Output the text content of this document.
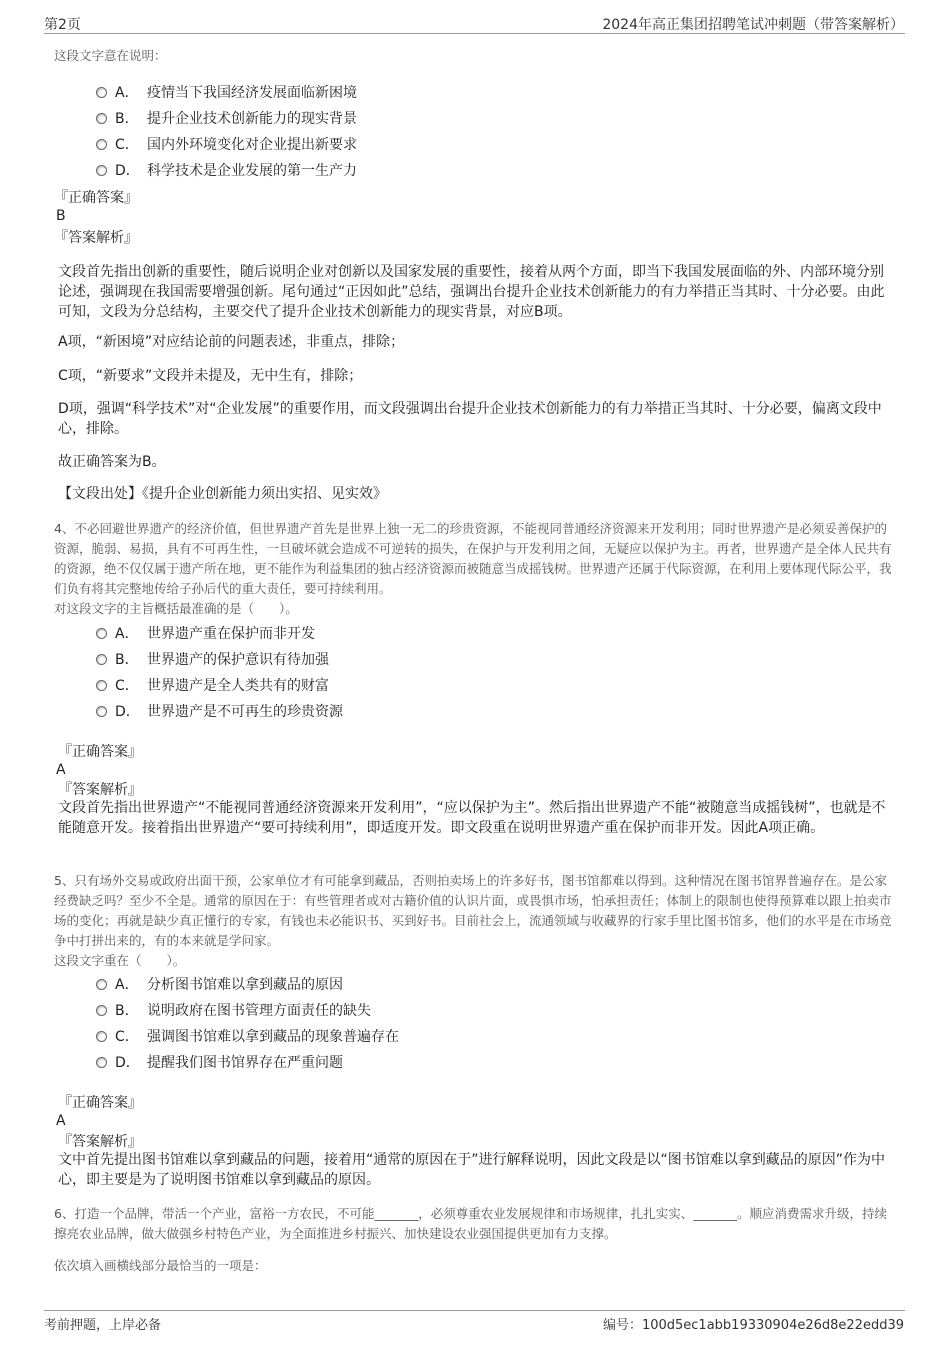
第2页	2024年高正集团招聘笔试冲刺题（带答案解析）
这段文字意在说明：
A． 疫情当下我国经济发展面临新困境
B． 提升企业技术创新能力的现实背景
C． 国内外环境变化对企业提出新要求
D． 科学技术是企业发展的第一生产力
『正确答案』
B
『答案解析』
文段首先指出创新的重要性，随后说明企业对创新以及国家发展的重要性，接着从两个方面，即当下我国发展面临的外、内部环境分别论述，强调现在我国需要增强创新。尾句通过“正因如此”总结，强调出台提升企业技术创新能力的有力举措正当其时、十分必要。由此可知，文段为分总结构，主要交代了提升企业技术创新能力的现实背景，对应B项。
A项，“新困境”对应结论前的问题表述，非重点，排除；
C项，“新要求”文段并未提及，无中生有，排除；
D项，强调“科学技术”对“企业发展”的重要作用，而文段强调出台提升企业技术创新能力的有力举措正当其时、十分必要，偏离文段中心，排除。
故正确答案为B。
【文段出处】《提升企业创新能力须出实招、见实效》
4、不必回避世界遗产的经济价值，但世界遗产首先是世界上独一无二的珍贵资源，不能视同普通经济资源来开发利用；同时世界遗产是必须妥善保护的资源，脆弱、易损，具有不可再生性，一旦破坏就会造成不可逆转的损失，在保护与开发利用之间，无疑应以保护为主。再者，世界遗产是全体人民共有的资源，绝不仅仅属于遗产所在地，更不能作为利益集团的独占经济资源而被随意当成摇钱树。世界遗产还属于代际资源，在利用上要体现代际公平，我们负有将其完整地传给子孙后代的重大责任，要可持续利用。
对这段文字的主旨概括最准确的是（　　）。
A． 世界遗产重在保护而非开发
B． 世界遗产的保护意识有待加强
C． 世界遗产是全人类共有的财富
D． 世界遗产是不可再生的珍贵资源
『正确答案』
A
『答案解析』
文段首先指出世界遗产“不能视同普通经济资源来开发利用”，“应以保护为主”。然后指出世界遗产不能“被随意当成摇钱树”，也就是不能随意开发。接着指出世界遗产“要可持续利用”，即适度开发。即文段重在说明世界遗产重在保护而非开发。因此A项正确。
5、只有场外交易或政府出面干预，公家单位才有可能拿到藏品，否则拍卖场上的许多好书，图书馆都难以得到。这种情况在图书馆界普遍存在。是公家经费缺乏吗？至少不全是。通常的原因在于：有些管理者或对古籍价值的认识片面，或畏惧市场，怕承担责任；体制上的限制也使得预算难以跟上拍卖市场的变化；再就是缺少真正懂行的专家，有钱也未必能识书、买到好书。目前社会上，流通领域与收藏界的行家手里比图书馆多，他们的水平是在市场竞争中打拼出来的，有的本来就是学问家。
这段文字重在（　　）。
A． 分析图书馆难以拿到藏品的原因
B． 说明政府在图书管理方面责任的缺失
C． 强调图书馆难以拿到藏品的现象普遍存在
D． 提醒我们图书馆界存在严重问题
『正确答案』
A
『答案解析』
文中首先提出图书馆难以拿到藏品的问题，接着用“通常的原因在于”进行解释说明，因此文段是以“图书馆难以拿到藏品的原因”作为中心，即主要是为了说明图书馆难以拿到藏品的原因。
6、打造一个品牌，带活一个产业，富裕一方农民，不可能_______，必须尊重农业发展规律和市场规律，扎扎实实、_______。顺应消费需求升级，持续擦亮农业品牌，做大做强乡村特色产业，为全面推进乡村振兴、加快建设农业强国提供更加有力支撑。
依次填入画横线部分最恰当的一项是：
考前押题，上岸必备	编号：100d5ec1abb19330904e26d8e22edd39
